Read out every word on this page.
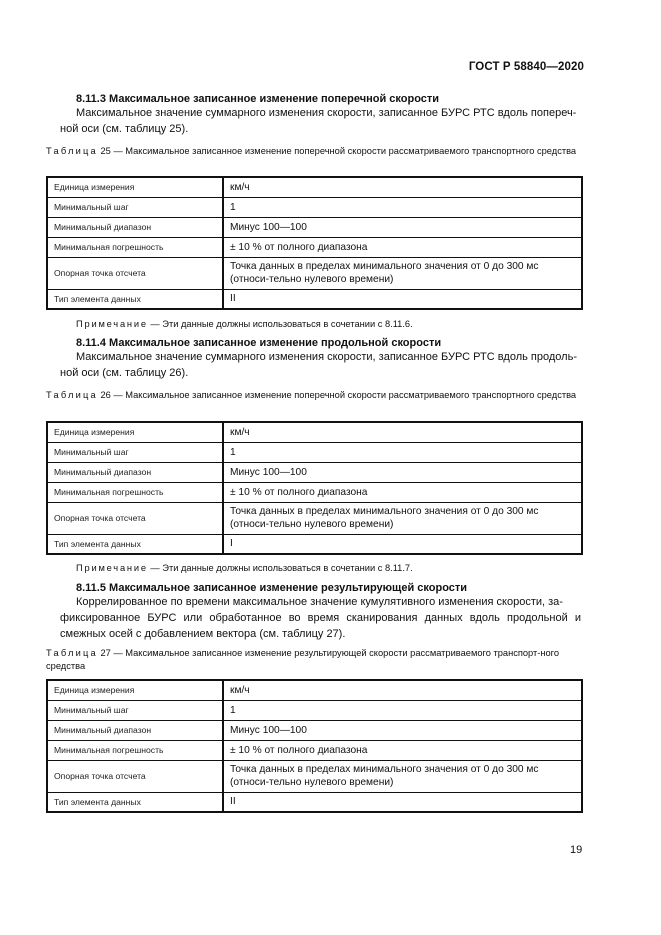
ГОСТ Р 58840—2020
8.11.3 Максимальное записанное изменение поперечной скорости
Максимальное значение суммарного изменения скорости, записанное БУРС РТС вдоль попереч-
ной оси (см. таблицу 25).
Таблица 25 — Максимальное записанное изменение поперечной скорости рассматриваемого транспортного средства
Единица измерения	км/ч
Минимальный шаг	1
Минимальный диапазон	Минус 100—100
Минимальная погрешность	± 10 % от полного диапазона
Опорная точка отсчета	Точка данных в пределах минимального значения от 0 до 300 мс (относи-тельно нулевого времени)
Тип элемента данных	II
Примечание — Эти данные должны использоваться в сочетании с 8.11.6.
8.11.4 Максимальное записанное изменение продольной скорости
Максимальное значение суммарного изменения скорости, записанное БУРС РТС вдоль продоль-
ной оси (см. таблицу 26).
Таблица 26 — Максимальное записанное изменение поперечной скорости рассматриваемого транспортного средства
Единица измерения	км/ч
Минимальный шаг	1
Минимальный диапазон	Минус 100—100
Минимальная погрешность	± 10 % от полного диапазона
Опорная точка отсчета	Точка данных в пределах минимального значения от 0 до 300 мс (относи-тельно нулевого времени)
Тип элемента данных	I
Примечание — Эти данные должны использоваться в сочетании с 8.11.7.
8.11.5 Максимальное записанное изменение результирующей скорости
Коррелированное по времени максимальное значение кумулятивного изменения скорости, за-
фиксированное БУРС или обработанное во время сканирования данных вдоль продольной и смежных осей с добавлением вектора (см. таблицу 27).
Таблица 27 — Максимальное записанное изменение результирующей скорости рассматриваемого транспорт-ного средства
Единица измерения	км/ч
Минимальный шаг	1
Минимальный диапазон	Минус 100—100
Минимальная погрешность	± 10 % от полного диапазона
Опорная точка отсчета	Точка данных в пределах минимального значения от 0 до 300 мс (относи-тельно нулевого времени)
Тип элемента данных	II
19
